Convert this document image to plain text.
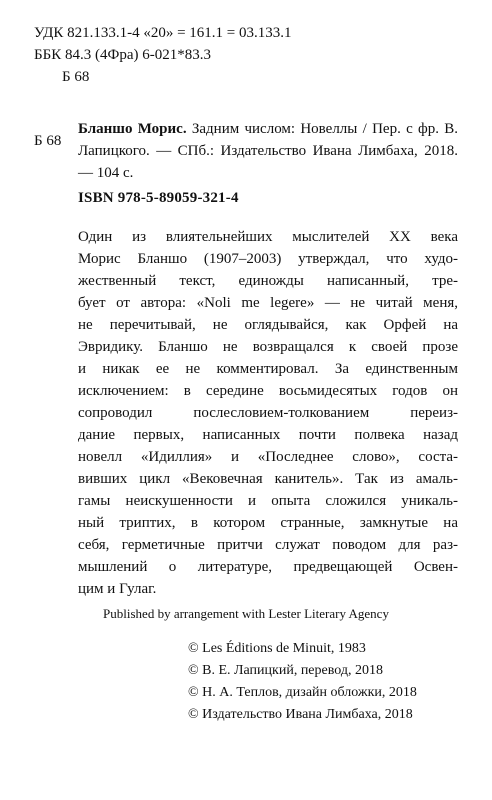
УДК 821.133.1-4 «20» = 161.1 = 03.133.1
ББК 84.3 (4Фра) 6-021*83.3
Б 68
Б 68
Бланшо Морис. Задним числом: Новеллы / Пер. с фр. В. Лапицкого. — СПб.: Издательство Ивана Лимбаха, 2018. — 104 с.
ISBN 978-5-89059-321-4
Один из влиятельнейших мыслителей XX века
Морис Бланшо (1907–2003) утверждал, что худо-
жественный текст, единожды написанный, тре-
бует от автора: «Noli me legere» — не читай меня,
не перечитывай, не оглядывайся, как Орфей на
Эвридику. Бланшо не возвращался к своей прозе
и никак ее не комментировал. За единственным
исключением: в середине восьмидесятых годов он
сопроводил послесловием-толкованием переиз-
дание первых, написанных почти полвека назад
новелл «Идиллия» и «Последнее слово», соста-
вивших цикл «Вековечная канитель». Так из амаль-
гамы неискушенности и опыта сложился уникаль-
ный триптих, в котором странные, замкнутые на
себя, герметичные притчи служат поводом для раз-
мышлений о литературе, предвещающей Освен-
цим и Гулаг.
Published by arrangement with Lester Literary Agency
© Les Éditions de Minuit, 1983
© В. Е. Лапицкий, перевод, 2018
© Н. А. Теплов, дизайн обложки, 2018
© Издательство Ивана Лимбаха, 2018
